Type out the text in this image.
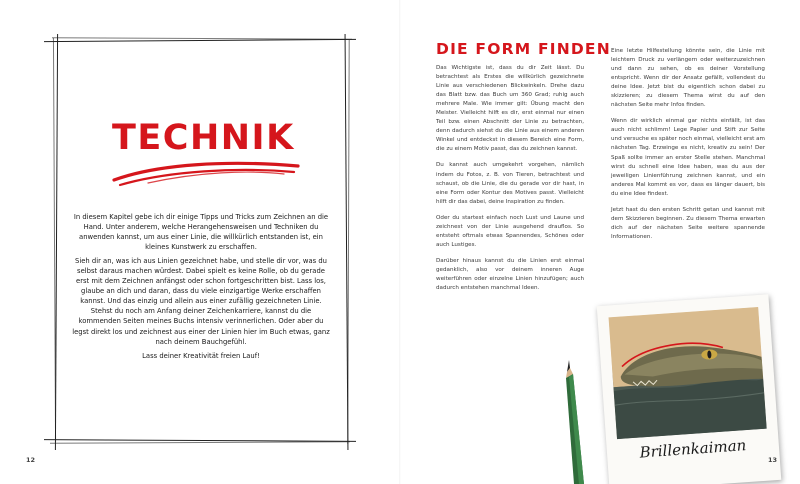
TECHNIK

In diesem Kapitel gebe ich dir einige Tipps und Tricks zum Zeichnen an die Hand. Unter anderem, welche Herangehensweisen und Techniken du anwenden kannst, um aus einer Linie, die willkürlich entstanden ist, ein kleines Kunstwerk zu erschaffen.

Sieh dir an, was ich aus Linien gezeichnet habe, und stelle dir vor, was du selbst daraus machen würdest. Dabei spielt es keine Rolle, ob du gerade erst mit dem Zeichnen anfängst oder schon fortgeschritten bist. Lass los, glaube an dich und daran, dass du viele einzigartige Werke erschaffen kannst. Und das einzig und allein aus einer zufällig gezeichneten Linie. Stehst du noch am Anfang deiner Zeichenkarriere, kannst du die kommenden Seiten meines Buchs intensiv verinnerlichen. Oder aber du legst direkt los und zeichnest aus einer der Linien hier im Buch etwas, ganz nach deinem Bauchgefühl.

Lass deiner Kreativität freien Lauf!

12
DIE FORM FINDEN

Das Wichtigste ist, dass du dir Zeit lässt. Du betrachtest als Erstes die willkürlich gezeichnete Linie aus verschiedenen Blickwinkeln. Drehe dazu das Blatt bzw. das Buch um 360 Grad; ruhig auch mehrere Male. Wie immer gilt: Übung macht den Meister. Vielleicht hilft es dir, erst einmal nur einen Teil bzw. einen Abschnitt der Linie zu betrachten, denn dadurch siehst du die Linie aus einem anderen Winkel und entdeckst in diesem Bereich eine Form, die zu einem Motiv passt, das du zeichnen kannst.

Du kannst auch umgekehrt vorgehen, nämlich indem du Fotos, z. B. von Tieren, betrachtest und schaust, ob die Linie, die du gerade vor dir hast, in eine Form oder Kontur des Motives passt. Vielleicht hilft dir das dabei, deine Inspiration zu finden.

Oder du startest einfach noch Lust und Laune und zeichnest von der Linie ausgehend drauflos. So entsteht oftmals etwas Spannendes, Schönes oder auch Lustiges.

Darüber hinaus kannst du die Linien erst einmal gedanklich, also vor deinem inneren Auge weiterführen oder einzelne Linien hinzufügen; auch dadurch entstehen manchmal Ideen.

Eine letzte Hilfestellung könnte sein, die Linie mit leichtem Druck zu verlängern oder weiterzuzeichnen und dann zu sehen, ob es deiner Vorstellung entspricht. Wenn dir der Ansatz gefällt, vollendest du deine Idee. Jetzt bist du eigentlich schon dabei zu skizzieren; zu diesem Thema wirst du auf den nächsten Seite mehr Infos finden.

Wenn dir wirklich einmal gar nichts einfällt, ist das auch nicht schlimm! Lege Papier und Stift zur Seite und versuche es später noch einmal, vielleicht erst am nächsten Tag. Erzwinge es nicht, kreativ zu sein! Der Spaß sollte immer an erster Stelle stehen. Manchmal wirst du schnell eine Idee haben, was du aus der jeweiligen Linienführung zeichnen kannst, und ein anderes Mal kommt es vor, dass es länger dauert, bis du eine Idee findest.

Jetzt hast du den ersten Schritt getan und kannst mit dem Skizzieren beginnen. Zu diesem Thema erwarten dich auf der nächsten Seite weitere spannende Informationen.

Brillenkaiman	13
